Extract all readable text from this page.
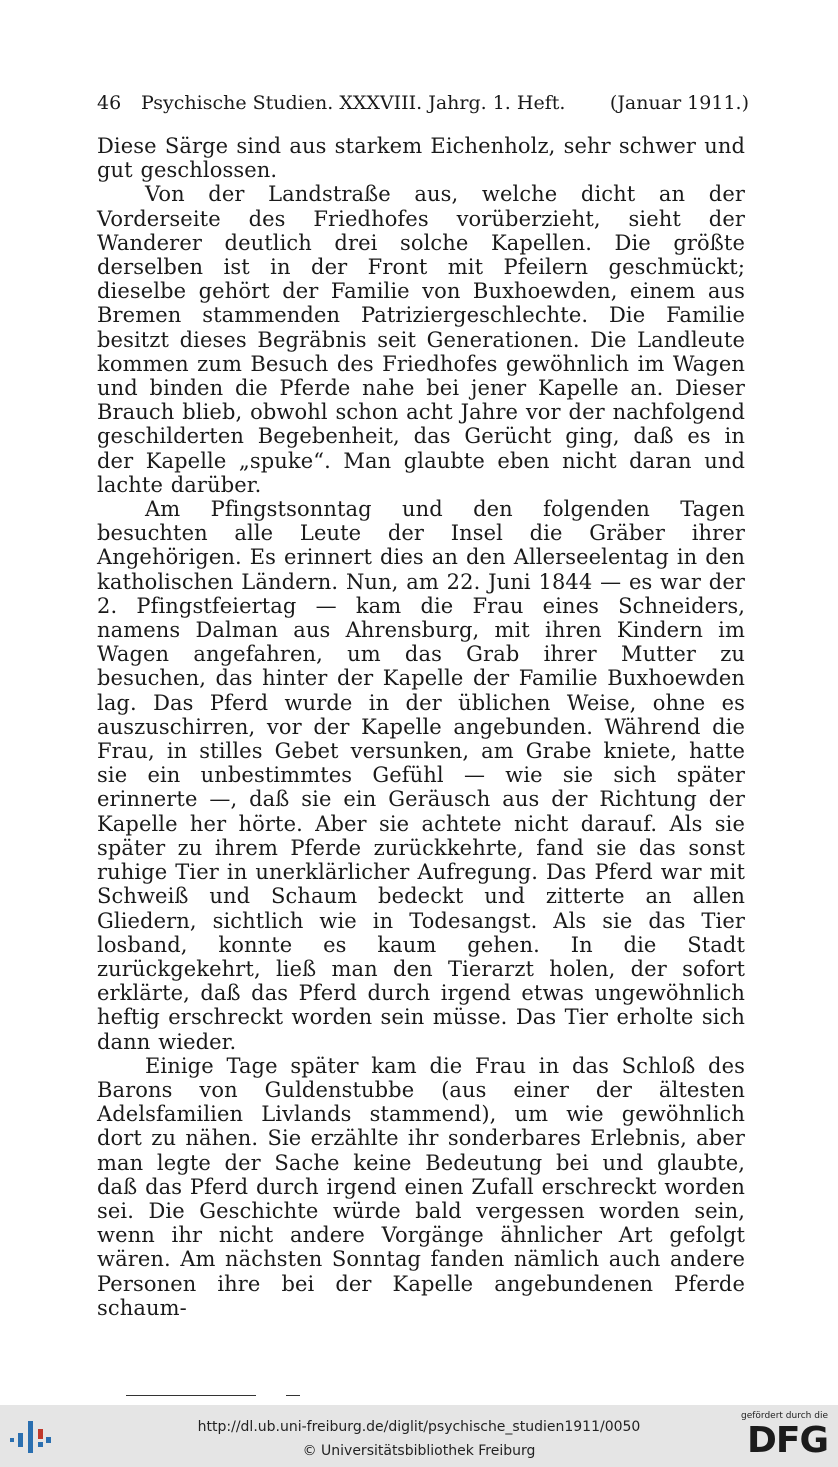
46	Psychische Studien. XXXVIII. Jahrg. 1. Heft.	(Januar 1911.)

Diese Särge sind aus starkem Eichenholz, sehr schwer und gut geschlossen.

Von der Landstraße aus, welche dicht an der Vorderseite des Friedhofes vorüberzieht, sieht der Wanderer deutlich drei solche Kapellen. Die größte derselben ist in der Front mit Pfeilern geschmückt; dieselbe gehört der Familie von Buxhoewden, einem aus Bremen stammenden Patriziergeschlechte. Die Familie besitzt dieses Begräbnis seit Generationen. Die Landleute kommen zum Besuch des Friedhofes gewöhnlich im Wagen und binden die Pferde nahe bei jener Kapelle an. Dieser Brauch blieb, obwohl schon acht Jahre vor der nachfolgend geschilderten Begebenheit, das Gerücht ging, daß es in der Kapelle „spuke“. Man glaubte eben nicht daran und lachte darüber.

Am Pfingstsonntag und den folgenden Tagen besuchten alle Leute der Insel die Gräber ihrer Angehörigen. Es erinnert dies an den Allerseelentag in den katholischen Ländern. Nun, am 22. Juni 1844 — es war der 2. Pfingstfeiertag — kam die Frau eines Schneiders, namens Dalman aus Ahrensburg, mit ihren Kindern im Wagen angefahren, um das Grab ihrer Mutter zu besuchen, das hinter der Kapelle der Familie Buxhoewden lag. Das Pferd wurde in der üblichen Weise, ohne es auszuschirren, vor der Kapelle angebunden. Während die Frau, in stilles Gebet versunken, am Grabe kniete, hatte sie ein unbestimmtes Gefühl — wie sie sich später erinnerte —, daß sie ein Geräusch aus der Richtung der Kapelle her hörte. Aber sie achtete nicht darauf. Als sie später zu ihrem Pferde zurückkehrte, fand sie das sonst ruhige Tier in unerklärlicher Aufregung. Das Pferd war mit Schweiß und Schaum bedeckt und zitterte an allen Gliedern, sichtlich wie in Todesangst. Als sie das Tier losband, konnte es kaum gehen. In die Stadt zurückgekehrt, ließ man den Tierarzt holen, der sofort erklärte, daß das Pferd durch irgend etwas ungewöhnlich heftig erschreckt worden sein müsse. Das Tier erholte sich dann wieder.

Einige Tage später kam die Frau in das Schloß des Barons von Guldenstubbe (aus einer der ältesten Adelsfamilien Livlands stammend), um wie gewöhnlich dort zu nähen. Sie erzählte ihr sonderbares Erlebnis, aber man legte der Sache keine Bedeutung bei und glaubte, daß das Pferd durch irgend einen Zufall erschreckt worden sei. Die Geschichte würde bald vergessen worden sein, wenn ihr nicht andere Vorgänge ähnlicher Art gefolgt wären. Am nächsten Sonntag fanden nämlich auch andere Personen ihre bei der Kapelle angebundenen Pferde schaum-

http://dl.ub.uni-freiburg.de/diglit/psychische_studien1911/0050
© Universitätsbibliothek Freiburg
gefördert durch die
DFG
